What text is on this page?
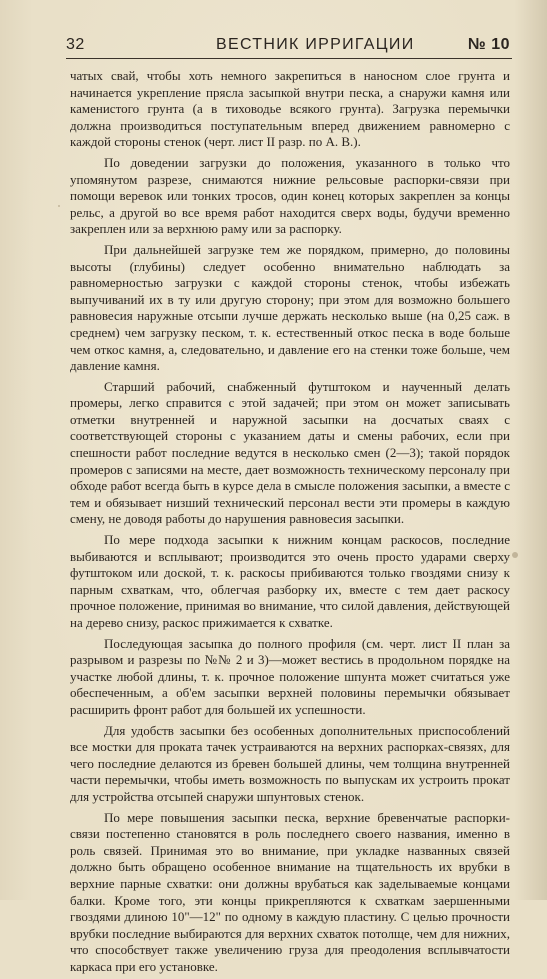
32	ВЕСТНИК ИРРИГАЦИИ	№ 10

чатых свай, чтобы хоть немного закрепиться в наносном слое грунта и начинается укрепление прясла засыпкой внутри песка, а снаружи камня или каменистого грунта (а в тиховодье всякого грунта). Загрузка перемычки должна производиться поступательным вперед движением равномерно с каждой стороны стенок (черт. лист II разр. по A. B.).

По доведении загрузки до положения, указанного в только что упомянутом разрезе, снимаются нижние рельсовые распорки-связи при помощи веревок или тонких тросов, один конец которых закреплен за концы рельс, а другой во все время работ находится сверх воды, будучи временно закреплен или за верхнюю раму или за распорку.

При дальнейшей загрузке тем же порядком, примерно, до половины высоты (глубины) следует особенно внимательно наблюдать за равномерностью загрузки с каждой стороны стенок, чтобы избежать выпучиваний их в ту или другую сторону; при этом для возможно большего равновесия наружные отсыпи лучше держать несколько выше (на 0,25 саж. в среднем) чем загрузку песком, т. к. естественный откос песка в воде больше чем откос камня, а, следовательно, и давление его на стенки тоже больше, чем давление камня.

Старший рабочий, снабженный футштоком и наученный делать промеры, легко справится с этой задачей; при этом он может записывать отметки внутренней и наружной засыпки на досчатых сваях с соответствующей стороны с указанием даты и смены рабочих, если при спешности работ последние ведутся в несколько смен (2—3); такой порядок промеров с записями на месте, дает возможность техническому персоналу при обходе работ всегда быть в курсе дела в смысле положения засыпки, а вместе с тем и обязывает низший технический персонал вести эти промеры в каждую смену, не доводя работы до нарушения равновесия засыпки.

По мере подхода засыпки к нижним концам раскосов, последние выбиваются и всплывают; производится это очень просто ударами сверху футштоком или доской, т. к. раскосы прибиваются только гвоздями снизу к парным схваткам, что, облегчая разборку их, вместе с тем дает раскосу прочное положение, принимая во внимание, что силой давления, действующей на дерево снизу, раскос прижимается к схватке.

Последующая засыпка до полного профиля (см. черт. лист II план за разрывом и разрезы по №№ 2 и 3)—может вестись в продольном порядке на участке любой длины, т. к. прочное положение шпунта может считаться уже обеспеченным, а об'ем засыпки верхней половины перемычки обязывает расширить фронт работ для большей их успешности.

Для удобств засыпки без особенных дополнительных приспособлений все мостки для проката тачек устраиваются на верхних распорках-связях, для чего последние делаются из бревен большей длины, чем толщина внутренней части перемычки, чтобы иметь возможность по выпускам их устроить прокат для устройства отсыпей снаружи шпунтовых стенок.

По мере повышения засыпки песка, верхние бревенчатые распорки-связи постепенно становятся в роль последнего своего названия, именно в роль связей. Принимая это во внимание, при укладке названных связей должно быть обращено особенное внимание на тщательность их врубки в верхние парные схватки: они должны врубаться как заделываемые концами балки. Кроме того, эти концы прикрепляются к схваткам заершенными гвоздями длиною 10"—12" по одному в каждую пластину. С целью прочности врубки последние выбираются для верхних схваток потолще, чем для нижних, что способствует также увеличению груза для преодоления всплывчатости каркаса при его установке.
